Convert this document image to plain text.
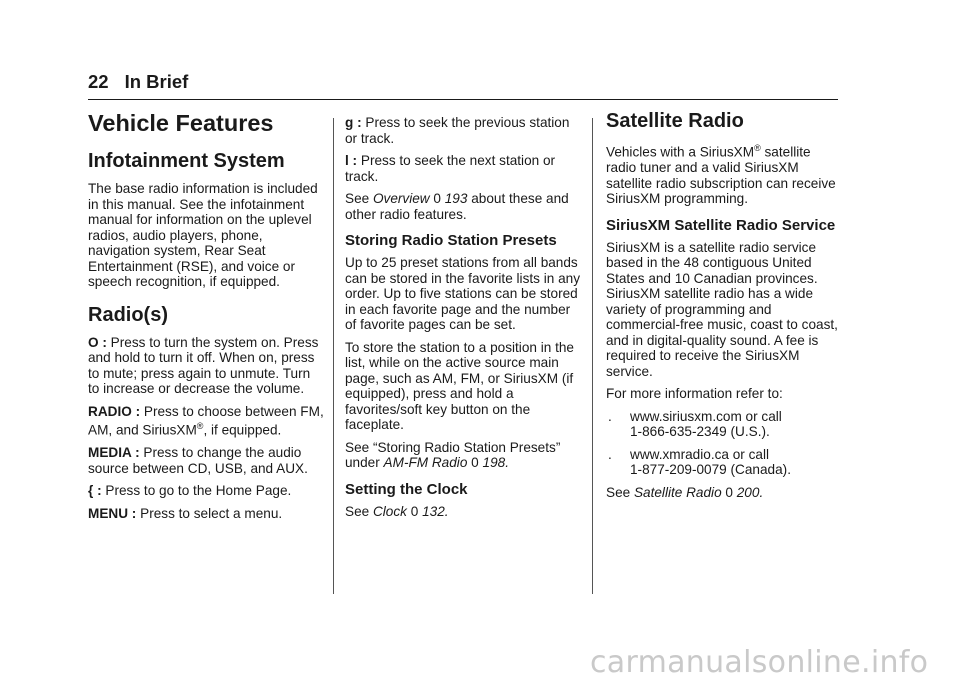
22 In Brief
Vehicle Features
Infotainment System

The base radio information is included in this manual. See the infotainment manual for information on the uplevel radios, audio players, phone, navigation system, Rear Seat Entertainment (RSE), and voice or speech recognition, if equipped.

Radio(s)

O : Press to turn the system on. Press and hold to turn it off. When on, press to mute; press again to unmute. Turn to increase or decrease the volume.

RADIO : Press to choose between FM, AM, and SiriusXM®, if equipped.

MEDIA : Press to change the audio source between CD, USB, and AUX.

{ : Press to go to the Home Page.

MENU : Press to select a menu.

g : Press to seek the previous station or track.

l : Press to seek the next station or track.

See Overview 0 193 about these and other radio features.

Storing Radio Station Presets

Up to 25 preset stations from all bands can be stored in the favorite lists in any order. Up to five stations can be stored in each favorite page and the number of favorite pages can be set.

To store the station to a position in the list, while on the active source main page, such as AM, FM, or SiriusXM (if equipped), press and hold a favorites/soft key button on the faceplate.

See “Storing Radio Station Presets” under AM-FM Radio 0 198.

Setting the Clock

See Clock 0 132.

Satellite Radio

Vehicles with a SiriusXM® satellite radio tuner and a valid SiriusXM satellite radio subscription can receive SiriusXM programming.

SiriusXM Satellite Radio Service

SiriusXM is a satellite radio service based in the 48 contiguous United States and 10 Canadian provinces. SiriusXM satellite radio has a wide variety of programming and commercial-free music, coast to coast, and in digital-quality sound. A fee is required to receive the SiriusXM service.

For more information refer to:

.	www.siriusxm.com or call
1-866-635-2349 (U.S.).
.	www.xmradio.ca or call
1-877-209-0079 (Canada).

See Satellite Radio 0 200.

carmanualsonline.info
